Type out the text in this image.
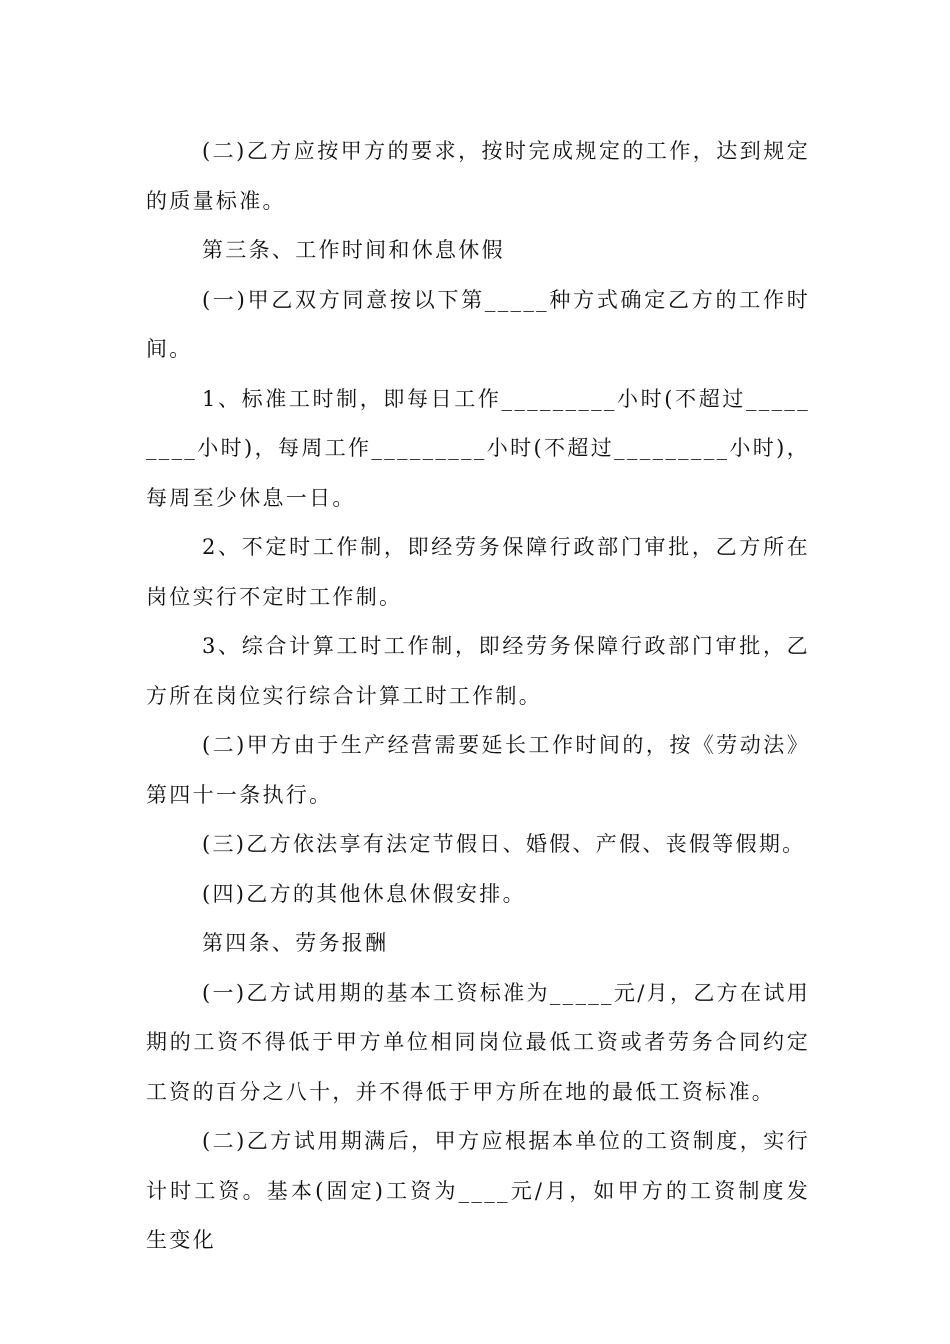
(二)乙方应按甲方的要求，按时完成规定的工作，达到规定的质量标准。

第三条、工作时间和休息休假

(一)甲乙双方同意按以下第_____种方式确定乙方的工作时间。

1、标准工时制，即每日工作_________小时(不超过_________小时)，每周工作_________小时(不超过_________小时)，每周至少休息一日。

2、不定时工作制，即经劳务保障行政部门审批，乙方所在岗位实行不定时工作制。

3、综合计算工时工作制，即经劳务保障行政部门审批，乙方所在岗位实行综合计算工时工作制。

(二)甲方由于生产经营需要延长工作时间的，按《劳动法》第四十一条执行。

(三)乙方依法享有法定节假日、婚假、产假、丧假等假期。

(四)乙方的其他休息休假安排。

第四条、劳务报酬

(一)乙方试用期的基本工资标准为_____元/月，乙方在试用期的工资不得低于甲方单位相同岗位最低工资或者劳务合同约定工资的百分之八十，并不得低于甲方所在地的最低工资标准。

(二)乙方试用期满后，甲方应根据本单位的工资制度，实行计时工资。基本(固定)工资为____元/月，如甲方的工资制度发生变化
